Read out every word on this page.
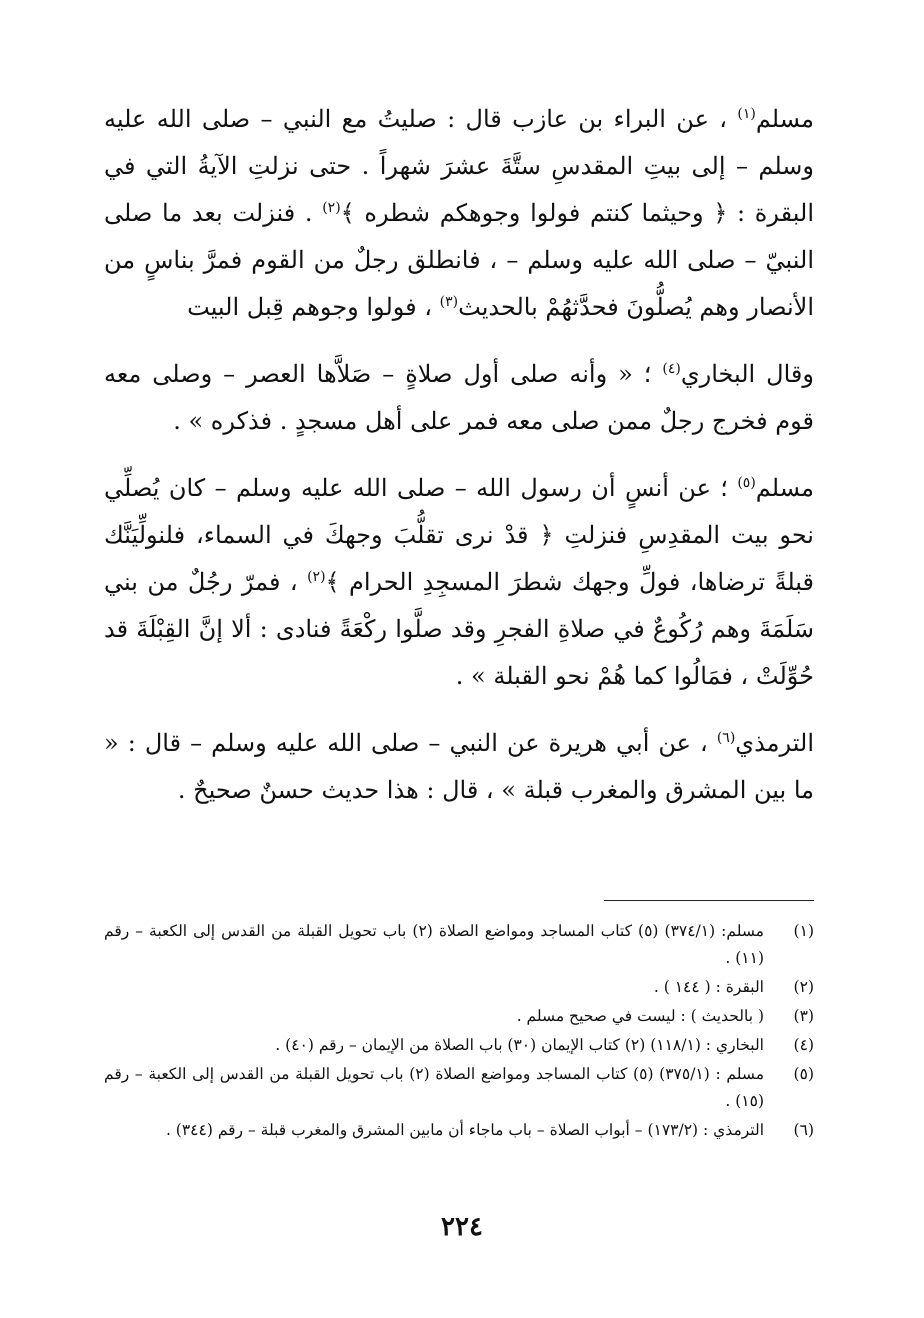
مسلم$^{(١)}$ ، عن البراء بن عازب قال : صليتُ مع النبي – صلى الله عليه وسلم – إلى بيتِ المقدسِ ستَّةَ عشرَ شهراً . حتى نزلتِ الآيةُ التي في البقرة : ﴿ وحيثما كنتم فولوا وجوهكم شطره ﴾$^{(٢)}$ . فنزلت بعد ما صلى النبيّ – صلى الله عليه وسلم – ، فانطلق رجلٌ من القوم فمرَّ بناسٍ من الأنصار وهم يُصلُّونَ فحدَّثهُمْ بالحديث$^{(٣)}$ ، فولوا وجوهم قِبل البيت

وقال البخاري$^{(٤)}$ ؛ « وأنه صلى أول صلاةٍ – صَلاَّها العصر – وصلى معه قوم فخرج رجلٌ ممن صلى معه فمر على أهل مسجدٍ . فذكره » .

مسلم$^{(٥)}$ ؛ عن أنسٍ أن رسول الله – صلى الله عليه وسلم – كان يُصلِّي نحو بيت المقدِسِ فنزلتِ ﴿ قدْ نرى تقلُّبَ وجهكَ في السماء، فلنولِّيَنَّك قبلةً ترضاها، فولِّ وجهك شطرَ المسجِدِ الحرام ﴾$^{(٢)}$ ، فمرّ رجُلٌ من بني سَلَمَةَ وهم رُكُوعٌ في صلاةِ الفجرِ وقد صلَّوا ركْعَةً فنادى : ألا إنَّ القِبْلَةَ قد حُوِّلَتْ ، فمَالُوا كما هُمْ نحو القبلة » .

الترمذي$^{(٦)}$ ، عن أبي هريرة عن النبي – صلى الله عليه وسلم – قال : « ما بين المشرق والمغرب قبلة » ، قال : هذا حديث حسنٌ صحيحٌ .

(١)
مسلم: (٣٧٤/١) (٥) كتاب المساجد ومواضع الصلاة (٢) باب تحويل القبلة من القدس إلى الكعبة – رقم (١١) .
(٢)
البقرة : ( ١٤٤ ) .
(٣)
( بالحديث ) : ليست في صحيح مسلم .
(٤)
البخاري : (١١٨/١) (٢) كتاب الإيمان (٣٠) باب الصلاة من الإيمان – رقم (٤٠) .
(٥)
مسلم : (٣٧٥/١) (٥) كتاب المساجد ومواضع الصلاة (٢) باب تحويل القبلة من القدس إلى الكعبة – رقم (١٥) .
(٦)
الترمذي : (١٧٣/٢) – أبواب الصلاة – باب ماجاء أن مابين المشرق والمغرب قبلة – رقم (٣٤٤) .
٢٢٤
